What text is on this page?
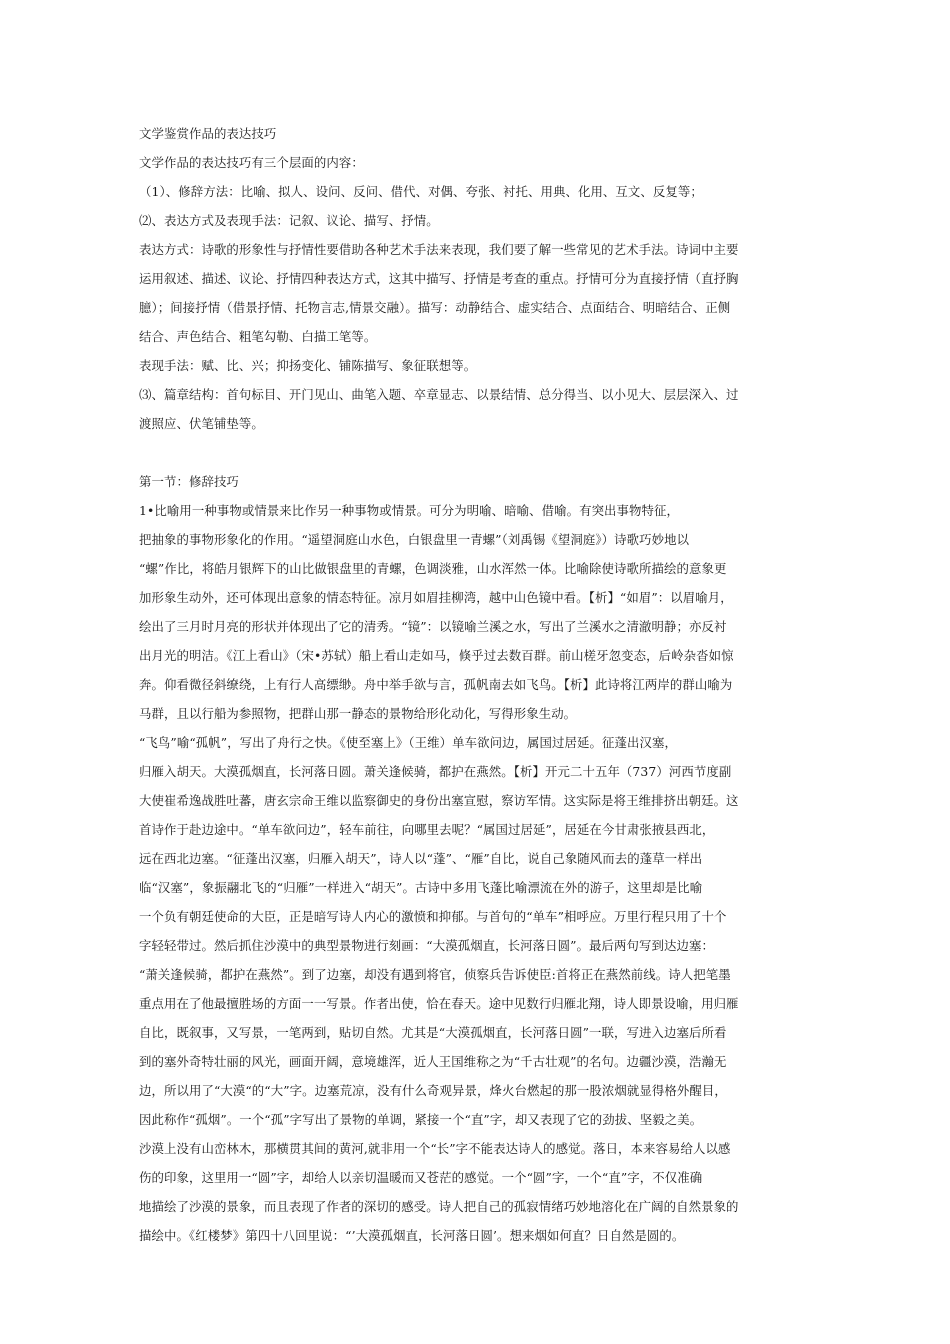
文学鉴赏作品的表达技巧
文学作品的表达技巧有三个层面的内容：
（1）、修辞方法：比喻、拟人、设问、反问、借代、对偶、夸张、衬托、用典、化用、互文、反复等；
⑵、表达方式及表现手法：记叙、议论、描写、抒情。
表达方式：诗歌的形象性与抒情性要借助各种艺术手法来表现，我们要了解一些常见的艺术手法。诗词中主要
运用叙述、描述、议论、抒情四种表达方式，这其中描写、抒情是考查的重点。抒情可分为直接抒情（直抒胸
臆）；间接抒情（借景抒情、托物言志,情景交融）。描写：动静结合、虚实结合、点面结合、明暗结合、正侧
结合、声色结合、粗笔勾勒、白描工笔等。
表现手法：赋、比、兴；抑扬变化、铺陈描写、象征联想等。
⑶、篇章结构：首句标目、开门见山、曲笔入题、卒章显志、以景结情、总分得当、以小见大、层层深入、过
渡照应、伏笔铺垫等。
第一节：修辞技巧
1•比喻用一种事物或情景来比作另一种事物或情景。可分为明喻、暗喻、借喻。有突出事物特征，
把抽象的事物形象化的作用。“遥望洞庭山水色，白银盘里一青螺”（刘禹锡《望洞庭》）诗歌巧妙地以
“螺”作比，将皓月银辉下的山比做银盘里的青螺，色调淡雅，山水浑然一体。比喻除使诗歌所描绘的意象更
加形象生动外，还可体现出意象的情态特征。凉月如眉挂柳湾，越中山色镜中看。【析】“如眉”：以眉喻月，
绘出了三月时月亮的形状并体现出了它的清秀。“镜”：以镜喻兰溪之水，写出了兰溪水之清澈明静；亦反衬
出月光的明洁。《江上看山》（宋•苏轼）船上看山走如马，倏乎过去数百群。前山槎牙忽变态，后岭杂沓如惊
奔。仰看微径斜缭绕，上有行人高缥缈。舟中举手欲与言，孤帆南去如飞鸟。【析】此诗将江两岸的群山喻为
马群，且以行船为参照物，把群山那一静态的景物给形化动化，写得形象生动。
“飞鸟”喻“孤帆”，写出了舟行之快。《使至塞上》（王维）单车欲问边，属国过居延。征蓬出汉塞，
归雁入胡天。大漠孤烟直，长河落日圆。萧关逢候骑，都护在燕然。【析】开元二十五年（737）河西节度副
大使崔希逸战胜吐蕃，唐玄宗命王维以监察御史的身份出塞宣慰，察访军情。这实际是将王维排挤出朝廷。这
首诗作于赴边途中。“单车欲问边”，轻车前往，向哪里去呢？“属国过居延”，居延在今甘肃张掖县西北，
远在西北边塞。“征蓬出汉塞，归雁入胡天”，诗人以“蓬”、“雁”自比，说自己象随风而去的蓬草一样出
临“汉塞”，象振翮北飞的“归雁”一样进入“胡天”。古诗中多用飞蓬比喻漂流在外的游子，这里却是比喻
一个负有朝廷使命的大臣，正是暗写诗人内心的激愤和抑郁。与首句的“单车”相呼应。万里行程只用了十个
字轻轻带过。然后抓住沙漠中的典型景物进行刻画：“大漠孤烟直，长河落日圆”。最后两句写到达边塞：
“萧关逢候骑，都护在燕然”。到了边塞，却没有遇到将官，侦察兵告诉使臣:首将正在燕然前线。诗人把笔墨
重点用在了他最擅胜场的方面一一写景。作者出使，恰在春天。途中见数行归雁北翔，诗人即景设喻，用归雁
自比，既叙事，又写景，一笔两到，贴切自然。尤其是“大漠孤烟直，长河落日圆”一联，写进入边塞后所看
到的塞外奇特壮丽的风光，画面开阔，意境雄浑，近人王国维称之为“千古壮观”的名句。边疆沙漠，浩瀚无
边，所以用了“大漠“的“大”字。边塞荒凉，没有什么奇观异景，烽火台燃起的那一股浓烟就显得格外醒目，
因此称作“孤烟”。一个“孤”字写出了景物的单调，紧接一个“直”字，却又表现了它的劲拔、坚毅之美。
沙漠上没有山峦林木，那横贯其间的黄河,就非用一个“长”字不能表达诗人的感觉。落日，本来容易给人以感
伤的印象，这里用一“圆”字，却给人以亲切温暖而又苍茫的感觉。一个“圆”字，一个“直”字，不仅准确
地描绘了沙漠的景象，而且表现了作者的深切的感受。诗人把自己的孤寂情绪巧妙地溶化在广阔的自然景象的
描绘中。《红楼梦》第四十八回里说：“’大漠孤烟直，长河落日圆’。想来烟如何直？日自然是圆的。
